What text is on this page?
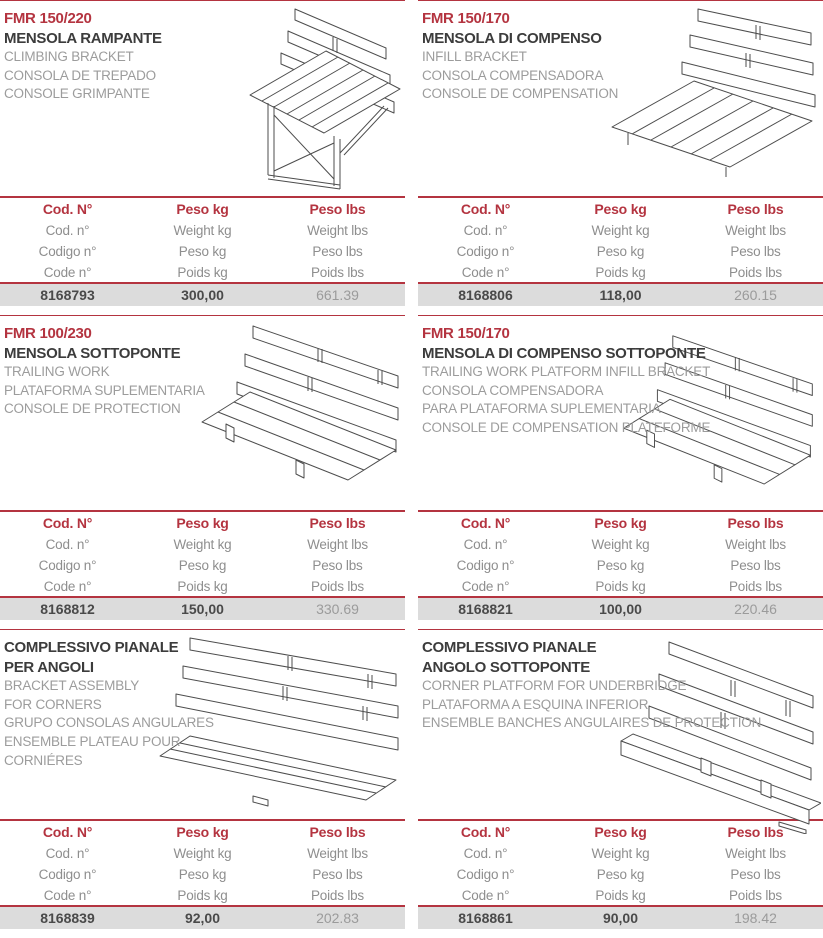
FMR 150/220
MENSOLA RAMPANTE
CLIMBING BRACKET
CONSOLA DE TREPADO
CONSOLE GRIMPANTE
Cod. N°	Peso kg	Peso lbs
Cod. n°	Weight kg	Weight lbs
Codigo n°	Peso kg	Peso lbs
Code n°	Poids kg	Poids lbs
8168793	300,00	661.39
FMR 150/170
MENSOLA DI COMPENSO
INFILL BRACKET
CONSOLA COMPENSADORA
CONSOLE DE COMPENSATION
Cod. N°	Peso kg	Peso lbs
Cod. n°	Weight kg	Weight lbs
Codigo n°	Peso kg	Peso lbs
Code n°	Poids kg	Poids lbs
8168806	118,00	260.15
FMR 100/230
MENSOLA SOTTOPONTE
TRAILING WORK
PLATAFORMA SUPLEMENTARIA
CONSOLE DE PROTECTION
Cod. N°	Peso kg	Peso lbs
Cod. n°	Weight kg	Weight lbs
Codigo n°	Peso kg	Peso lbs
Code n°	Poids kg	Poids lbs
8168812	150,00	330.69
FMR 150/170
MENSOLA DI COMPENSO SOTTOPONTE
TRAILING WORK PLATFORM INFILL BRACKET
CONSOLA COMPENSADORA
PARA PLATAFORMA SUPLEMENTARIA
CONSOLE DE COMPENSATION PLATEFORME
Cod. N°	Peso kg	Peso lbs
Cod. n°	Weight kg	Weight lbs
Codigo n°	Peso kg	Peso lbs
Code n°	Poids kg	Poids lbs
8168821	100,00	220.46
COMPLESSIVO PIANALE
PER ANGOLI
BRACKET ASSEMBLY
FOR CORNERS
GRUPO CONSOLAS ANGULARES
ENSEMBLE PLATEAU POUR
CORNIÉRES
Cod. N°	Peso kg	Peso lbs
Cod. n°	Weight kg	Weight lbs
Codigo n°	Peso kg	Peso lbs
Code n°	Poids kg	Poids lbs
8168839	92,00	202.83
COMPLESSIVO PIANALE
ANGOLO SOTTOPONTE
CORNER PLATFORM FOR UNDERBRIDGE
PLATAFORMA A ESQUINA INFERIOR
ENSEMBLE BANCHES ANGULAIRES DE PROTECTION
Cod. N°	Peso kg	Peso lbs
Cod. n°	Weight kg	Weight lbs
Codigo n°	Peso kg	Peso lbs
Code n°	Poids kg	Poids lbs
8168861	90,00	198.42
